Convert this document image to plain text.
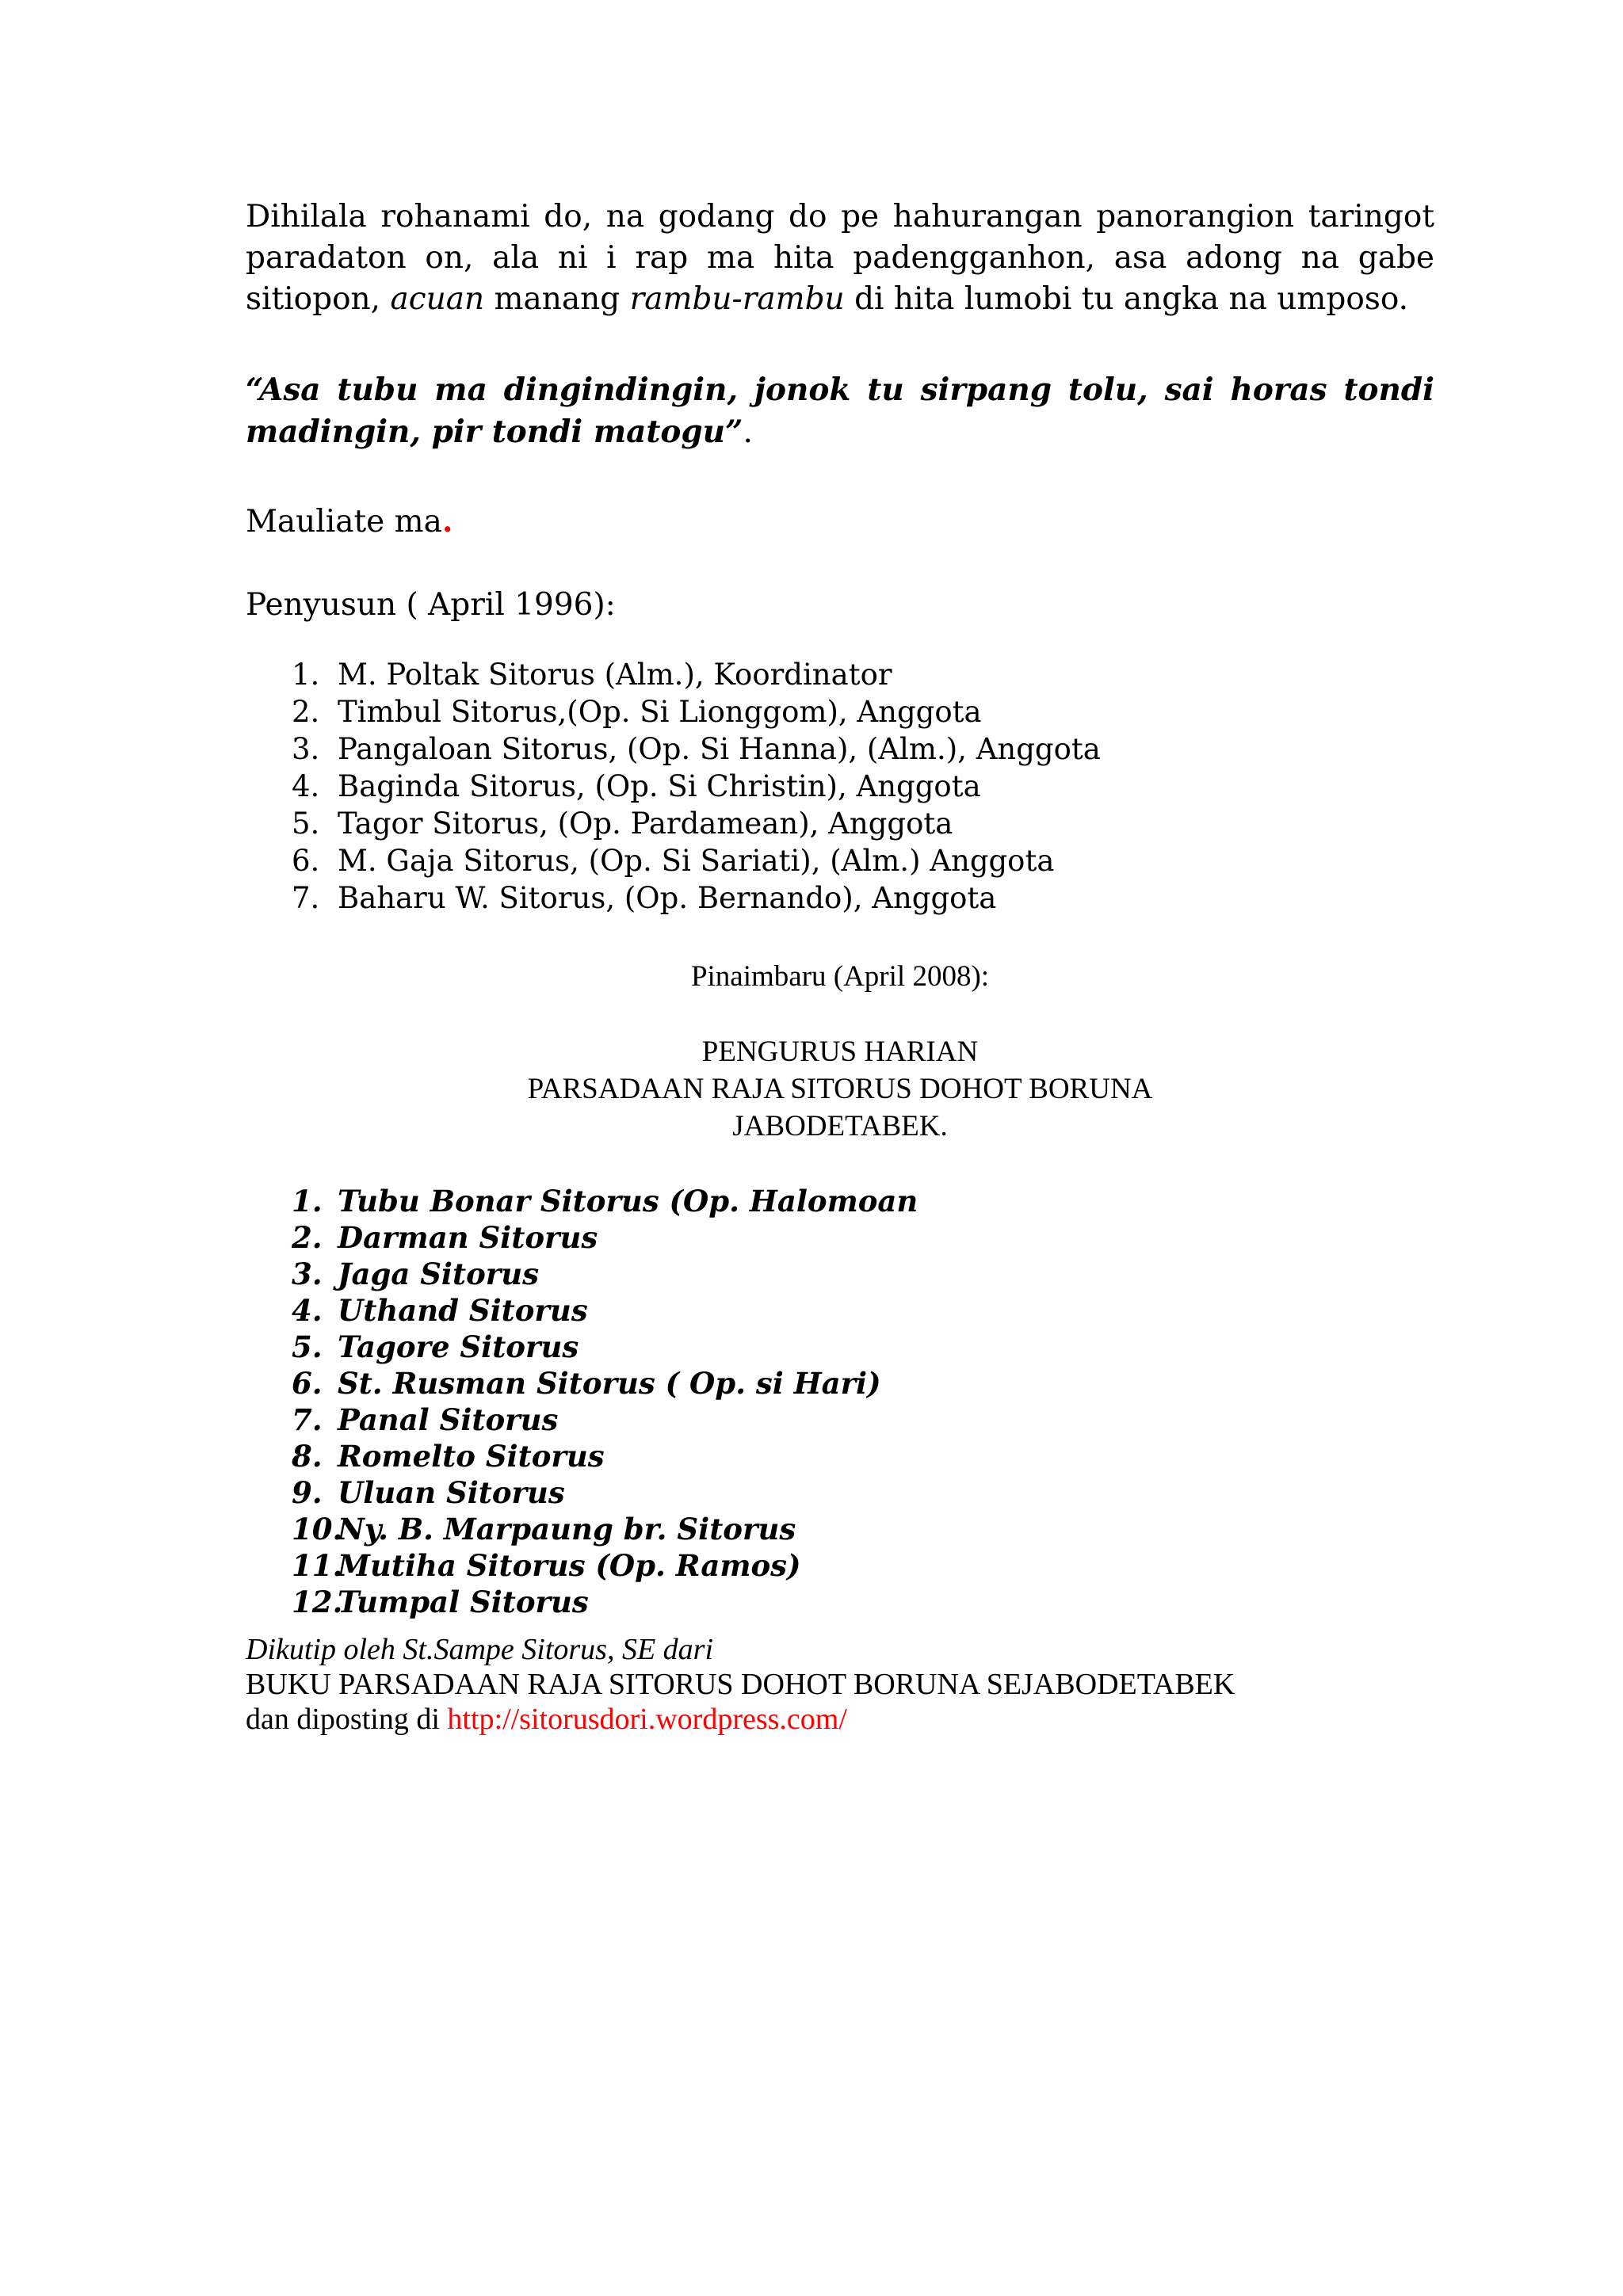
Dihilala rohanami do, na godang do pe hahurangan panorangion taringot paradaton on, ala ni i rap ma hita padengganhon, asa adong na gabe sitiopon, acuan manang rambu-rambu di hita lumobi tu angka na umposo.

“Asa tubu ma dingindingin, jonok tu sirpang tolu, sai horas tondi madingin, pir tondi matogu”.

Mauliate ma.
Penyusun ( April 1996):
1. M. Poltak Sitorus (Alm.), Koordinator
2. Timbul Sitorus,(Op. Si Lionggom), Anggota
3. Pangaloan Sitorus, (Op. Si Hanna), (Alm.), Anggota
4. Baginda Sitorus, (Op. Si Christin), Anggota
5. Tagor Sitorus, (Op. Pardamean), Anggota
6. M. Gaja Sitorus, (Op. Si Sariati), (Alm.) Anggota
7. Baharu W. Sitorus, (Op. Bernando), Anggota
Pinaimbaru (April 2008):
PENGURUS HARIAN
PARSADAAN RAJA SITORUS DOHOT BORUNA
JABODETABEK.
1. Tubu Bonar Sitorus (Op. Halomoan
2. Darman Sitorus
3. Jaga Sitorus
4. Uthand Sitorus
5. Tagore Sitorus
6. St. Rusman Sitorus ( Op. si Hari)
7. Panal Sitorus
8. Romelto Sitorus
9. Uluan Sitorus
10.
Ny. B. Marpaung br. Sitorus
11.
Mutiha Sitorus (Op. Ramos)
12.
Tumpal Sitorus
Dikutip oleh St.Sampe Sitorus, SE dari
BUKU PARSADAAN RAJA SITORUS DOHOT BORUNA SEJABODETABEK
dan diposting di http://sitorusdori.wordpress.com/
